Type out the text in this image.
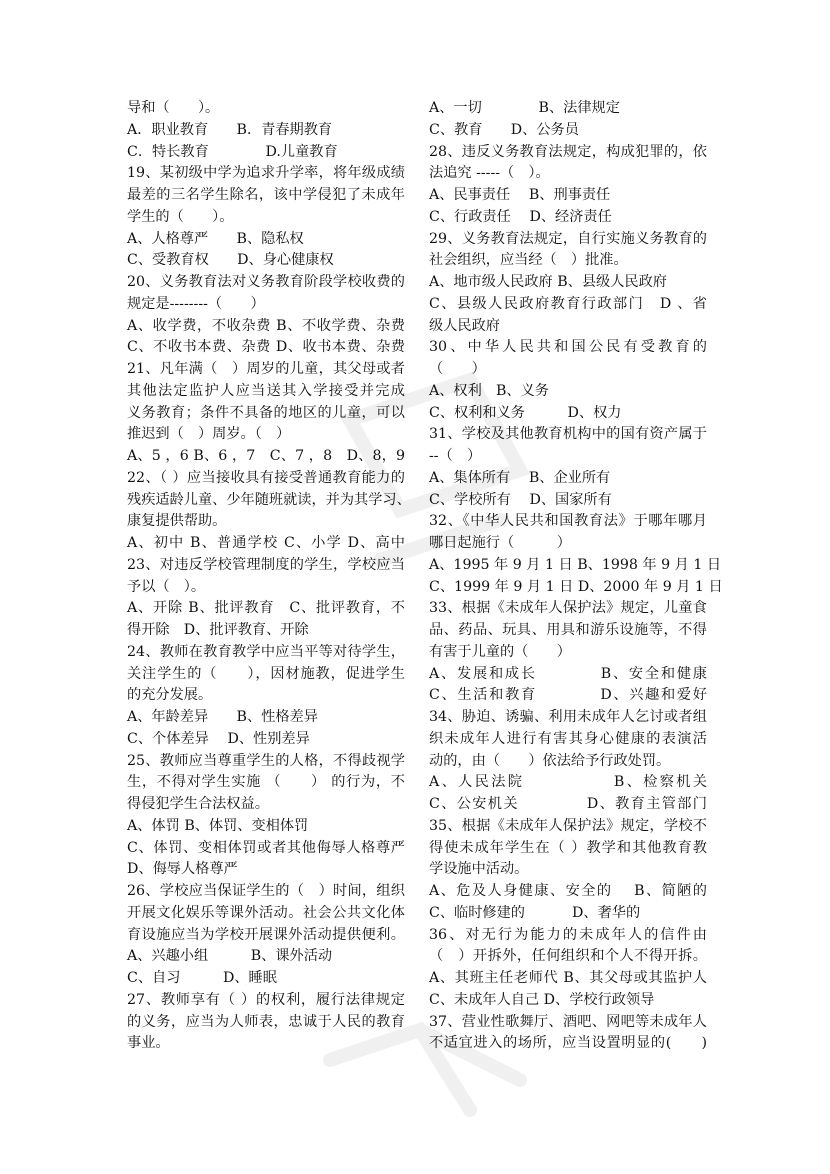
导和（　　）。
A．职业教育　　B．青春期教育
C．特长教育　　　　D.儿童教育
19、某初级中学为追求升学率，将年级成绩
最差的三名学生除名，该中学侵犯了未成年
学生的（　　）。
A、人格尊严　　B、隐私权
C、受教育权　　D、身心健康权
20、义务教育法对义务教育阶段学校收费的
规定是--------（　　）
A、收学费，不收杂费 B、不收学费、杂费
C、不收书本费、杂费 D、收书本费、杂费
21、凡年满（　）周岁的儿童，其父母或者
其他法定监护人应当送其入学接受并完成
义务教育；条件不具备的地区的儿童，可以
推迟到（　）周岁。（　）
A、5 ，6 B、6 ，7　C、7 ，8　D、8，9
22、（ ）应当接收具有接受普通教育能力的
残疾适龄儿童、少年随班就读，并为其学习、
康复提供帮助。
A、初中 B、普通学校 C、小学 D、高中
23、对违反学校管理制度的学生，学校应当
予以（　）。
A、开除 B、批评教育　C、批评教育，不
得开除　D、批评教育、开除
24、教师在教育教学中应当平等对待学生，
关注学生的（　　），因材施教，促进学生
的充分发展。
A、年龄差异　　B、性格差异
C、个体差异　 D、性别差异
25、教师应当尊重学生的人格，不得歧视学
生，不得对学生实施 （　　） 的行为，不
得侵犯学生合法权益。
A、体罚 B、体罚、变相体罚
C、体罚、变相体罚或者其他侮辱人格尊严
D、侮辱人格尊严
26、学校应当保证学生的（　）时间，组织
开展文化娱乐等课外活动。社会公共文化体
育设施应当为学校开展课外活动提供便利。
A、兴趣小组　　　B、课外活动
C、自习　　　D、睡眠
27、教师享有（ ）的权利，履行法律规定
的义务，应当为人师表，忠诚于人民的教育
事业。
A、一切　　　　B、法律规定
C、教育　　D、公务员
28、违反义务教育法规定，构成犯罪的，依
法追究 -----（　）。
A、民事责任　 B、刑事责任
C、行政责任　 D、经济责任
29、义务教育法规定，自行实施义务教育的
社会组织，应当经（　）批准。
A、地市级人民政府 B、县级人民政府
C、县级人民政府教育行政部门　D 、省
级人民政府
30、中华人民共和国公民有受教育的
（　　）
A、权利　B、义务
C、权利和义务　　　D、权力
31、学校及其他教育机构中的国有资产属于
--（　）
A、集体所有　 B、企业所有
C、学校所有　 D、国家所有
32、《中华人民共和国教育法》于哪年哪月
哪日起施行（　　　）
A、1995 年 9 月 1 日 B、1998 年 9 月 1 日
C、1999 年 9 月 1 日 D、2000 年 9 月 1 日
33、根据《未成年人保护法》规定，儿童食
品、药品、玩具、用具和游乐设施等，不得
有害于儿童的（　　）
A、发展和成长　　　　B、安全和健康
C、生活和教育　　　　D、兴趣和爱好
34、胁迫、诱骗、利用未成年人乞讨或者组
织未成年人进行有害其身心健康的表演活
动的，由（　　）依法给予行政处罚。
A、人民法院　　　　　 B、检察机关
C、公安机关　　　　 D、教育主管部门
35、根据《未成年人保护法》规定，学校不
得使未成年学生在（ ）教学和其他教育教
学设施中活动。
A、危及人身健康、安全的　 B、简陋的
C、临时修建的　　　 D、奢华的
36、对无行为能力的未成年人的信件由
（　）开拆外，任何组织和个人不得开拆。
A、其班主任老师代 B、其父母或其监护人
C、未成年人自己 D、学校行政领导
37、营业性歌舞厅、酒吧、网吧等未成年人
不适宜进入的场所，应当设置明显的(　　)
